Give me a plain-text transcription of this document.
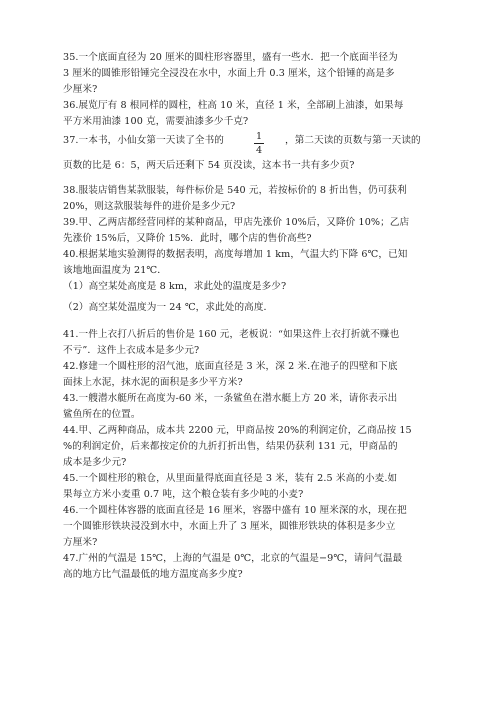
35.一个底面直径为 20 厘米的圆柱形容器里，盛有一些水．把一个底面半径为
3 厘米的圆锥形铅锤完全浸没在水中，水面上升 0.3 厘米，这个铅锤的高是多
少厘米?
36.展览厅有 8 根同样的圆柱，柱高 10 米，直径 1 米，全部刷上油漆，如果每
平方米用油漆 100 克，需要油漆多少千克?
37.一本书，小仙女第一天读了全书的	1
4
，第二天读的页数与第一天读的
页数的比是 6：5，两天后还剩下 54 页没读，这本书一共有多少页?
38.服装店销售某款服装，每件标价是 540 元，若按标价的 8 折出售，仍可获利
20%，则这款服装每件的进价是多少元?
39.甲、乙两店都经营同样的某种商品，甲店先涨价 10%后，又降价 10%；乙店
先涨价 15%后，又降价 15%．此时，哪个店的售价高些?
40.根据某地实验测得的数据表明，高度每增加 1 km，气温大约下降 6℃，已知
该地地面温度为 21℃．
（1）高空某处高度是 8 km，求此处的温度是多少?
（2）高空某处温度为一 24 ℃，求此处的高度．
41.一件上衣打八折后的售价是 160 元，老板说：“如果这件上衣打折就不赚也
不亏”．这件上衣成本是多少元?
42.修建一个圆柱形的沼气池，底面直径是 3 米，深 2 米.在池子的四壁和下底
面抹上水泥，抹水泥的面积是多少平方米?
43.一艘潜水艇所在高度为-60 米，一条鲨鱼在潜水艇上方 20 米，请你表示出
鲨鱼所在的位置。
44.甲、乙两种商品，成本共 2200 元，甲商品按 20%的利润定价，乙商品按 15
%的利润定价，后来都按定价的九折打折出售，结果仍获利 131 元，甲商品的
成本是多少元?
45.一个圆柱形的粮仓，从里面量得底面直径是 3 米，装有 2.5 米高的小麦.如
果每立方米小麦重 0.7 吨，这个粮仓装有多少吨的小麦?
46.一个圆柱体容器的底面直径是 16 厘米，容器中盛有 10 厘米深的水，现在把
一个圆锥形铁块浸没到水中，水面上升了 3 厘米，圆锥形铁块的体积是多少立
方厘米?
47.广州的气温是 15℃，上海的气温是 0℃，北京的气温是−9℃，请问气温最
高的地方比气温最低的地方温度高多少度?
